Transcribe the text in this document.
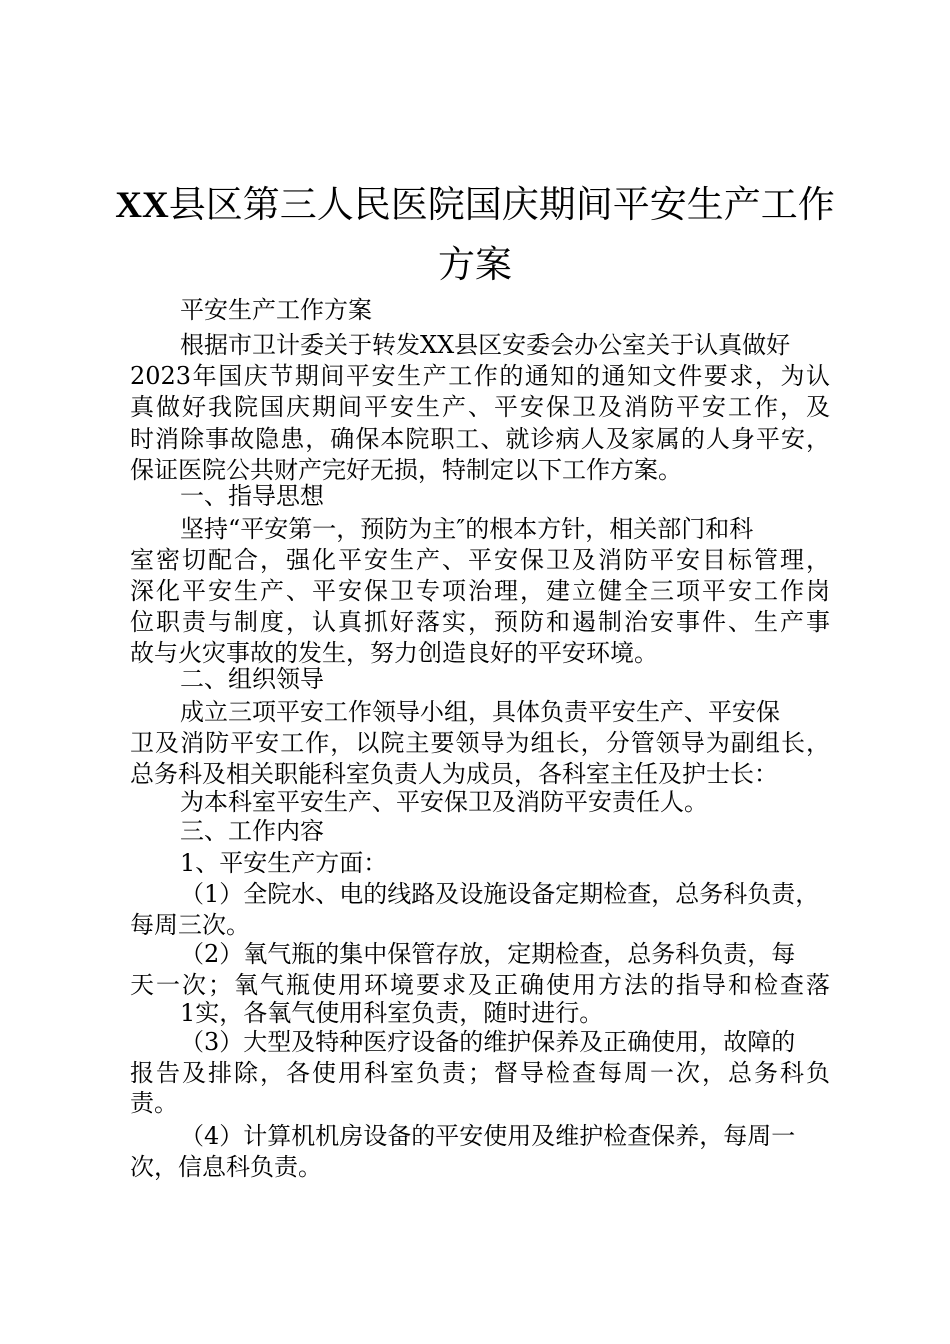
XX县区第三人民医院国庆期间平安生产工作
方案
平安生产工作方案
根据市卫计委关于转发XX县区安委会办公室关于认真做好
2023年国庆节期间平安生产工作的通知的通知文件要求，为认
真做好我院国庆期间平安生产、平安保卫及消防平安工作，及
时消除事故隐患，确保本院职工、就诊病人及家属的人身平安，
保证医院公共财产完好无损，特制定以下工作方案。
一、指导思想
坚持“平安第一，预防为主″的根本方针，相关部门和科
室密切配合，强化平安生产、平安保卫及消防平安目标管理，
深化平安生产、平安保卫专项治理，建立健全三项平安工作岗
位职责与制度，认真抓好落实，预防和遏制治安事件、生产事
故与火灾事故的发生，努力创造良好的平安环境。
二、组织领导
成立三项平安工作领导小组，具体负责平安生产、平安保
卫及消防平安工作，以院主要领导为组长，分管领导为副组长，
总务科及相关职能科室负责人为成员，各科室主任及护士长：
为本科室平安生产、平安保卫及消防平安责任人。
三、工作内容
1、平安生产方面：
（1）全院水、电的线路及设施设备定期检查，总务科负责，
每周三次。
（2）氧气瓶的集中保管存放，定期检查，总务科负责，每
天一次；氧气瓶使用环境要求及正确使用方法的指导和检查落
1实，各氧气使用科室负责，随时进行。
（3）大型及特种医疗设备的维护保养及正确使用，故障的
报告及排除，各使用科室负责；督导检查每周一次，总务科负
责。
（4）计算机机房设备的平安使用及维护检查保养，每周一
次，信息科负责。
